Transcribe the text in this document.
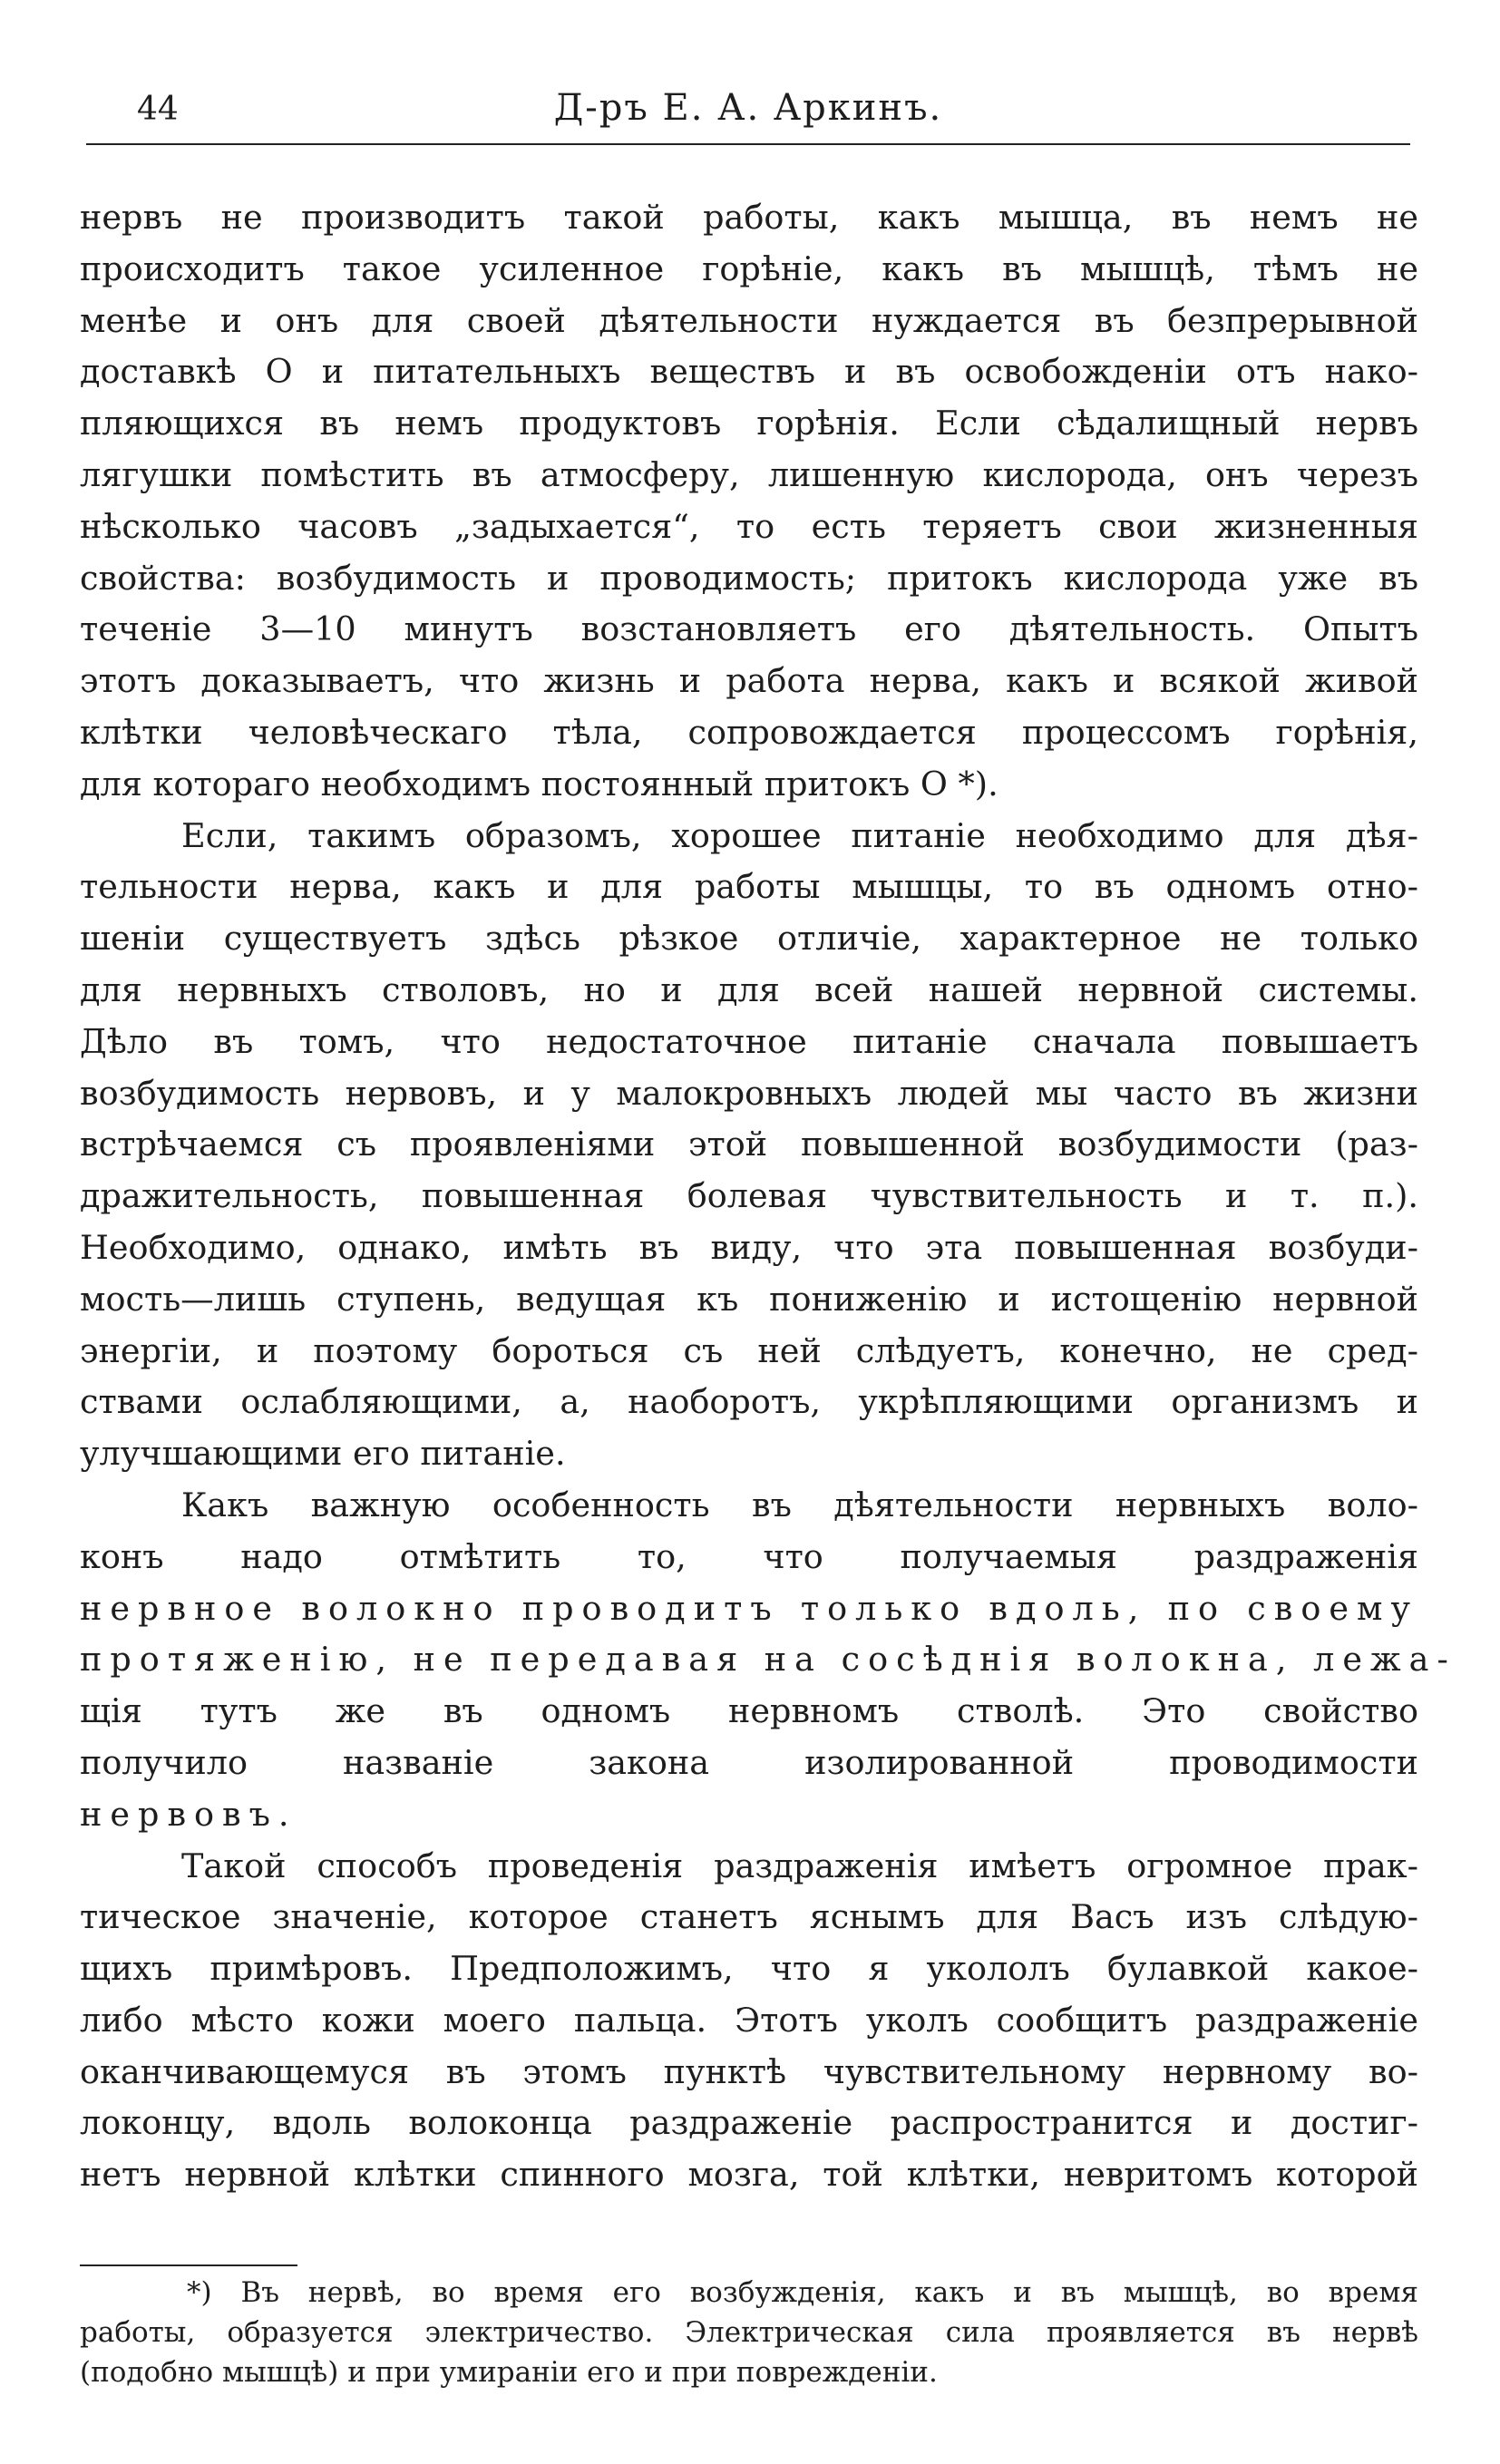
44	Д-ръ Е. А. Аркинъ.
нервъ не производитъ такой работы, какъ мышца, въ немъ не
происходитъ такое усиленное горѣніе, какъ въ мышцѣ, тѣмъ не
менѣе и онъ для своей дѣятельности нуждается въ безпрерывной
доставкѣ O и питательныхъ веществъ и въ освобожденіи отъ нако-
пляющихся въ немъ продуктовъ горѣнія. Если сѣдалищный нервъ
лягушки помѣстить въ атмосферу, лишенную кислорода, онъ черезъ
нѣсколько часовъ „задыхается“, то есть теряетъ свои жизненныя
свойства: возбудимость и проводимость; притокъ кислорода уже въ
теченіе 3—10 минутъ возстановляетъ его дѣятельность. Опытъ
этотъ доказываетъ, что жизнь и работа нерва, какъ и всякой живой
клѣтки человѣческаго тѣла, сопровождается процессомъ горѣнія,
для котораго необходимъ постоянный притокъ O *).
Если, такимъ образомъ, хорошее питаніе необходимо для дѣя-
тельности нерва, какъ и для работы мышцы, то въ одномъ отно-
шеніи существуетъ здѣсь рѣзкое отличіе, характерное не только
для нервныхъ стволовъ, но и для всей нашей нервной системы.
Дѣло въ томъ, что недостаточное питаніе сначала повышаетъ
возбудимость нервовъ, и у малокровныхъ людей мы часто въ жизни
встрѣчаемся съ проявленіями этой повышенной возбудимости (раз-
дражительность, повышенная болевая чувствительность и т. п.).
Необходимо, однако, имѣть въ виду, что эта повышенная возбуди-
мость—лишь ступень, ведущая къ пониженію и истощенію нервной
энергіи, и поэтому бороться съ ней слѣдуетъ, конечно, не сред-
ствами ослабляющими, а, наоборотъ, укрѣпляющими организмъ и
улучшающими его питаніе.
Какъ важную особенность въ дѣятельности нервныхъ воло-
конъ надо отмѣтить то, что получаемыя раздраженія
нервное волокно проводитъ только вдоль, по своему
протяженію, не передавая на сосѣднія волокна, лежа-
щія тутъ же въ одномъ нервномъ стволѣ. Это свойство
получило названіе закона изолированной проводимости
нервовъ.
Такой способъ проведенія раздраженія имѣетъ огромное прак-
тическое значеніе, которое станетъ яснымъ для Васъ изъ слѣдую-
щихъ примѣровъ. Предположимъ, что я укололъ булавкой какое-
либо мѣсто кожи моего пальца. Этотъ уколъ сообщитъ раздраженіе
оканчивающемуся въ этомъ пунктѣ чувствительному нервному во-
локонцу, вдоль волоконца раздраженіе распространится и достиг-
нетъ нервной клѣтки спинного мозга, той клѣтки, невритомъ которой
*) Въ нервѣ, во время его возбужденія, какъ и въ мышцѣ, во время
работы, образуется электричество. Электрическая сила проявляется въ нервѣ
(подобно мышцѣ) и при умираніи его и при поврежденіи.
